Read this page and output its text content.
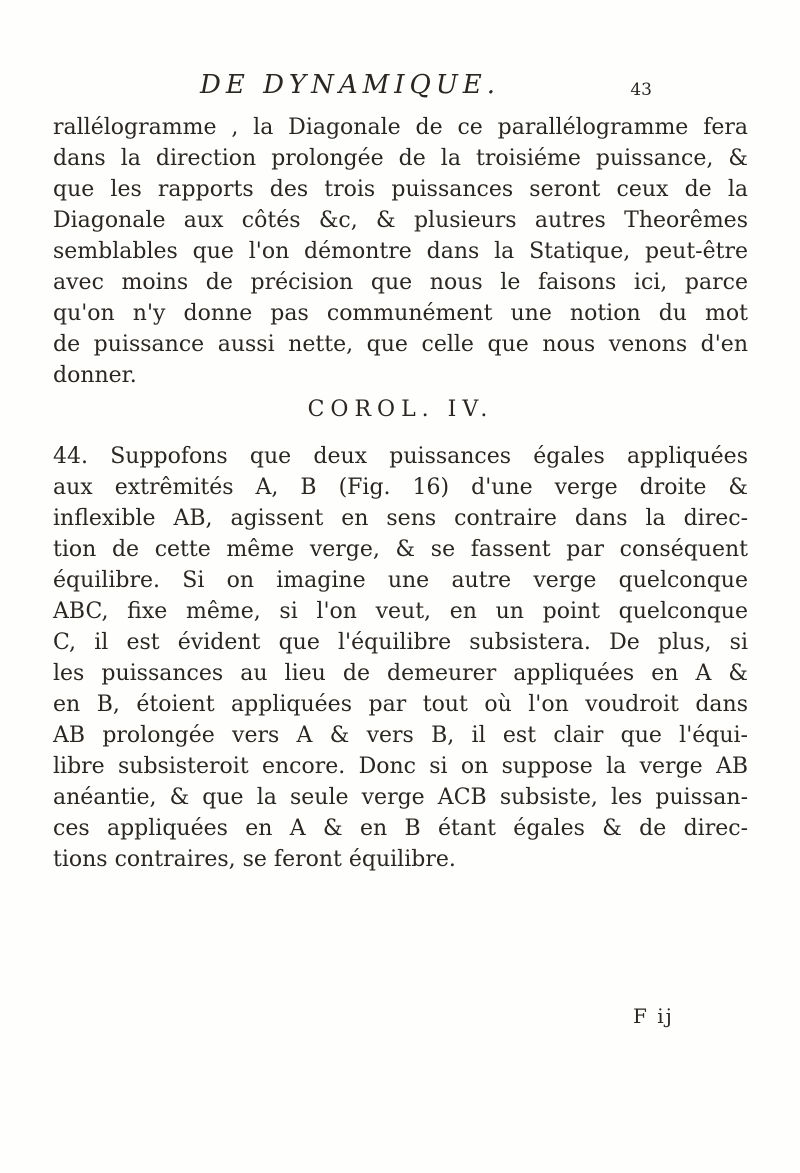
DE DYNAMIQUE.	43
rallélogramme , la Diagonale de ce parallélogramme fera
dans la direction prolongée de la troisiéme puissance, &
que les rapports des trois puissances seront ceux de la
Diagonale aux côtés &c, & plusieurs autres Theorêmes
semblables que l'on démontre dans la Statique, peut-être
avec moins de précision que nous le faisons ici, parce
qu'on n'y donne pas communément une notion du mot
de puissance aussi nette, que celle que nous venons d'en
donner.
COROL. IV.
44. Suppofons que deux puissances égales appliquées
aux extrêmités A, B (Fig. 16) d'une verge droite &
inflexible AB, agissent en sens contraire dans la direc-
tion de cette même verge, & se fassent par conséquent
équilibre. Si on imagine une autre verge quelconque
ABC, fixe même, si l'on veut, en un point quelconque
C, il est évident que l'équilibre subsistera. De plus, si
les puissances au lieu de demeurer appliquées en A &
en B, étoient appliquées par tout où l'on voudroit dans
AB prolongée vers A & vers B, il est clair que l'équi-
libre subsisteroit encore. Donc si on suppose la verge AB
anéantie, & que la seule verge ACB subsiste, les puissan-
ces appliquées en A & en B étant égales & de direc-
tions contraires, se feront équilibre.
F ij
